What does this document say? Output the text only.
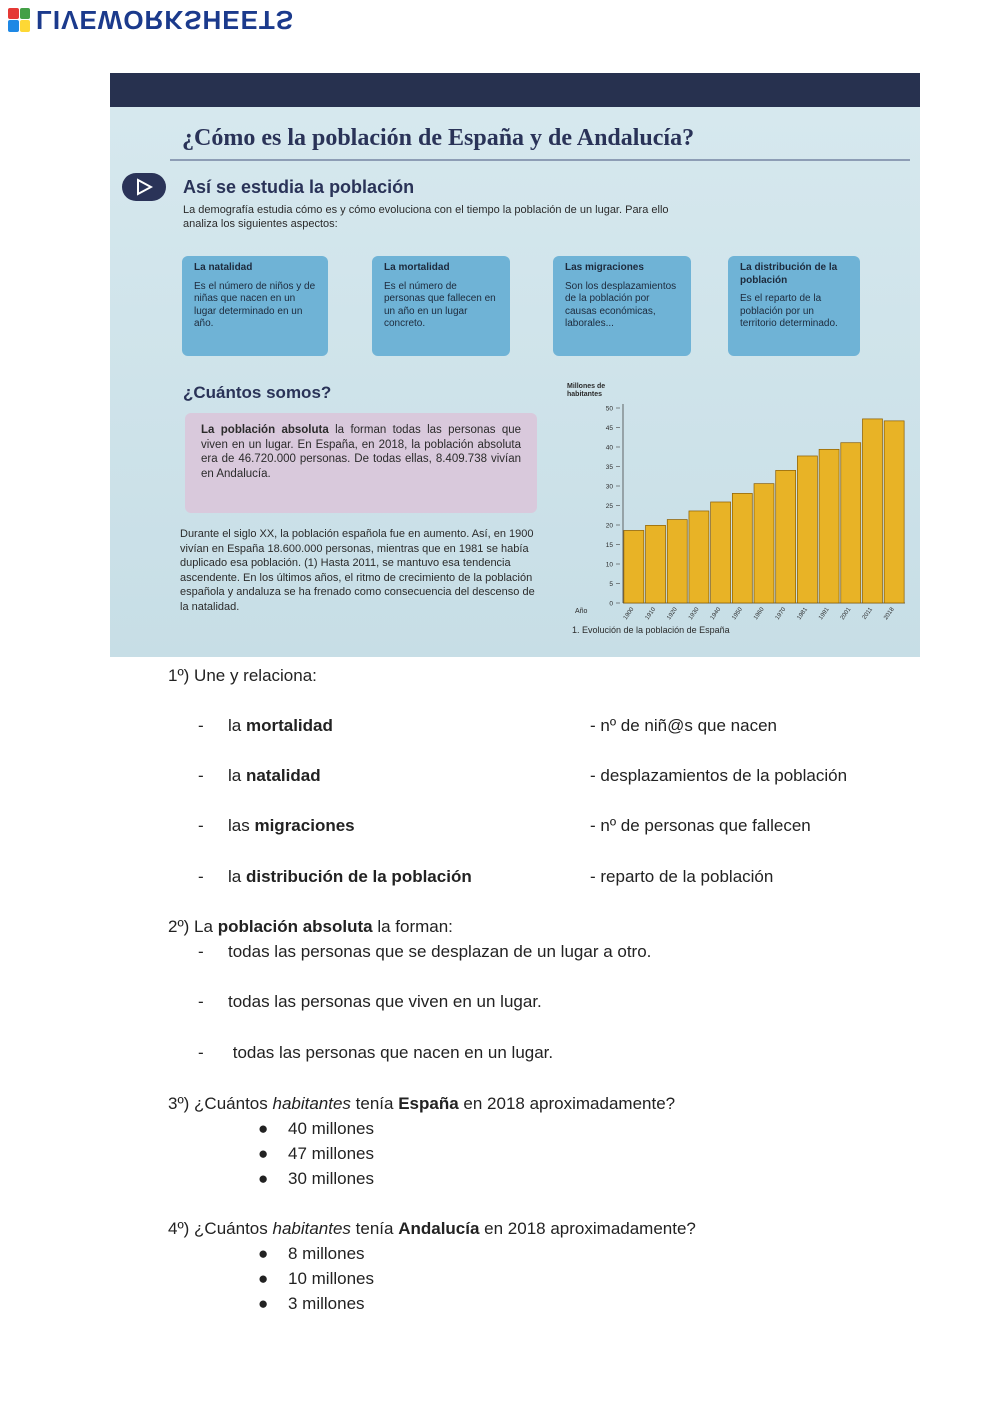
LIVEWORKSHEETS
¿Cómo es la población de España y de Andalucía?
Así se estudia la población
La demografía estudia cómo es y cómo evoluciona con el tiempo la población de un lugar. Para ello analiza los siguientes aspectos:
La natalidad
Es el número de niños y de niñas que nacen en un lugar determinado en un año.
La mortalidad
Es el número de personas que fallecen en un año en un lugar concreto.
Las migraciones
Son los desplazamientos de la población por causas económicas, laborales...
La distribución de la población
Es el reparto de la población por un territorio determinado.
¿Cuántos somos?
La población absoluta la forman todas las personas que viven en un lugar. En España, en 2018, la población absoluta era de 46.720.000 personas. De todas ellas, 8.409.738 vivían en Andalucía.
Durante el siglo XX, la población española fue en aumento. Así, en 1900 vivían en España 18.600.000 personas, mientras que en 1981 se había duplicado esa población. (1) Hasta 2011, se mantuvo esa tendencia ascendente. En los últimos años, el ritmo de crecimiento de la población española y andaluza se ha frenado como consecuencia del descenso de la natalidad.
Millones de habitantes
0
5
10
15
20
25
30
35
40
45
50
1900 1910 1920 1930 1940 1950 1960 1970 1981 1991 2001 2011 2018
Año
1. Evolución de la población de España
1º) Une y relaciona:
- la mortalidad	- nº de niñ@s que nacen
- la natalidad	- desplazamientos de la población
- las migraciones	- nº de personas que fallecen
- la distribución de la población	- reparto de la población
2º) La población absoluta la forman:
- todas las personas que se desplazan de un lugar a otro.
- todas las personas que viven en un lugar.
- todas las personas que nacen en un lugar.
3º) ¿Cuántos habitantes tenía España en 2018 aproximadamente?
● 40 millones
● 47 millones
● 30 millones
4º) ¿Cuántos habitantes tenía Andalucía en 2018 aproximadamente?
● 8 millones
● 10 millones
● 3 millones
